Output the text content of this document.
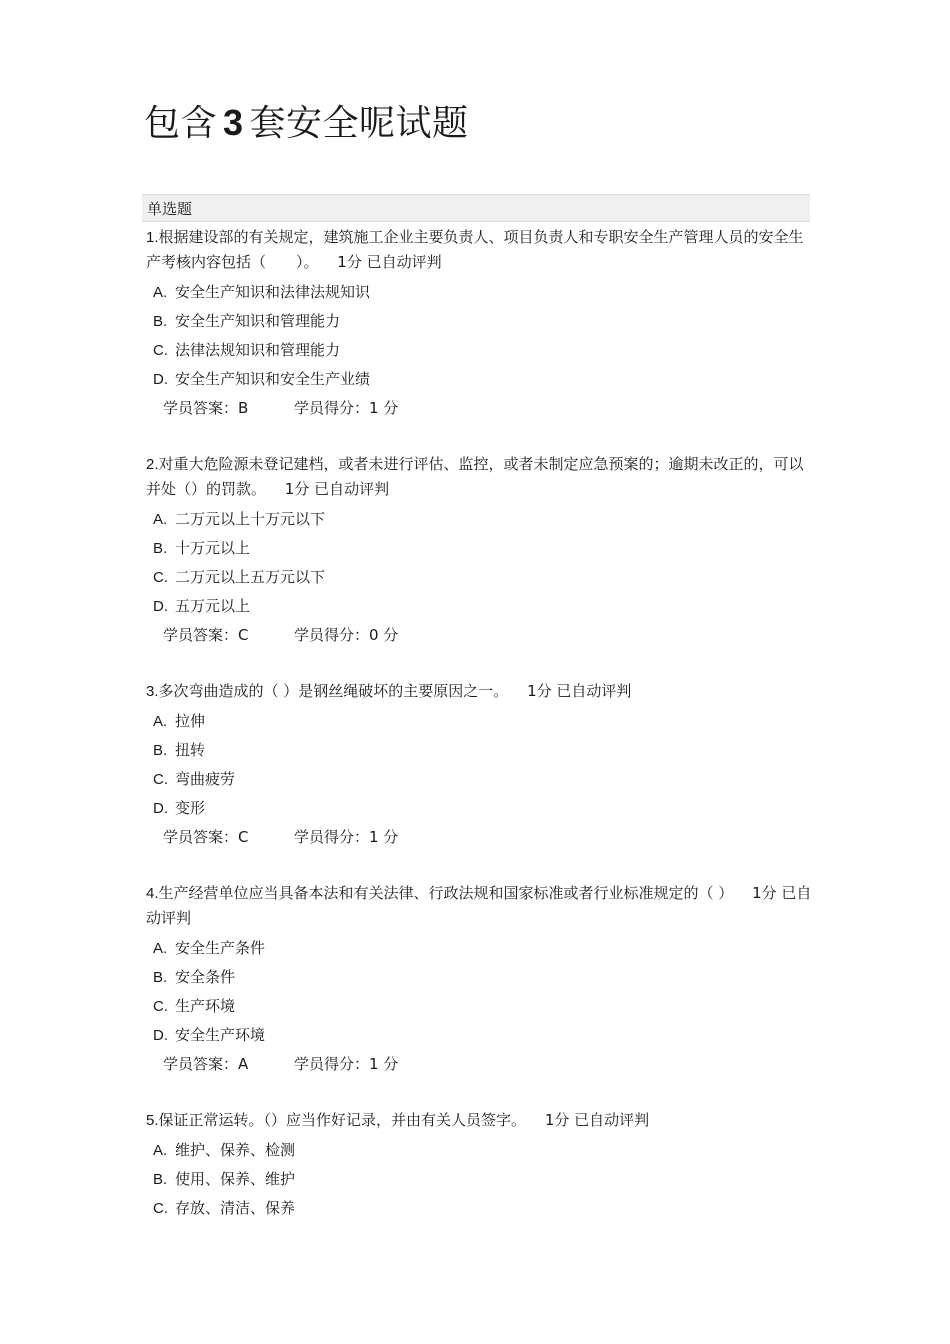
包含 3 套安全呢试题
单选题

1.根据建设部的有关规定，建筑施工企业主要负责人、项目负责人和专职安全生产管理人员的安全生产考核内容包括（　　）。 1分 已自动评判

A. 安全生产知识和法律法规知识
B. 安全生产知识和管理能力
C. 法律法规知识和管理能力
D. 安全生产知识和安全生产业绩
学员答案：B	学员得分：1 分

2.对重大危险源未登记建档，或者未进行评估、监控，或者未制定应急预案的；逾期未改正的，可以并处（）的罚款。 1分 已自动评判

A. 二万元以上十万元以下
B. 十万元以上
C. 二万元以上五万元以下
D. 五万元以上
学员答案：C	学员得分：0 分

3.多次弯曲造成的（ ）是钢丝绳破坏的主要原因之一。 1分 已自动评判

A. 拉伸
B. 扭转
C. 弯曲疲劳
D. 变形
学员答案：C	学员得分：1 分

4.生产经营单位应当具备本法和有关法律、行政法规和国家标准或者行业标准规定的（ ） 1分 已自动评判

A. 安全生产条件
B. 安全条件
C. 生产环境
D. 安全生产环境
学员答案：A	学员得分：1 分

5.保证正常运转。（）应当作好记录，并由有关人员签字。 1分 已自动评判

A. 维护、保养、检测
B. 使用、保养、维护
C. 存放、清洁、保养
